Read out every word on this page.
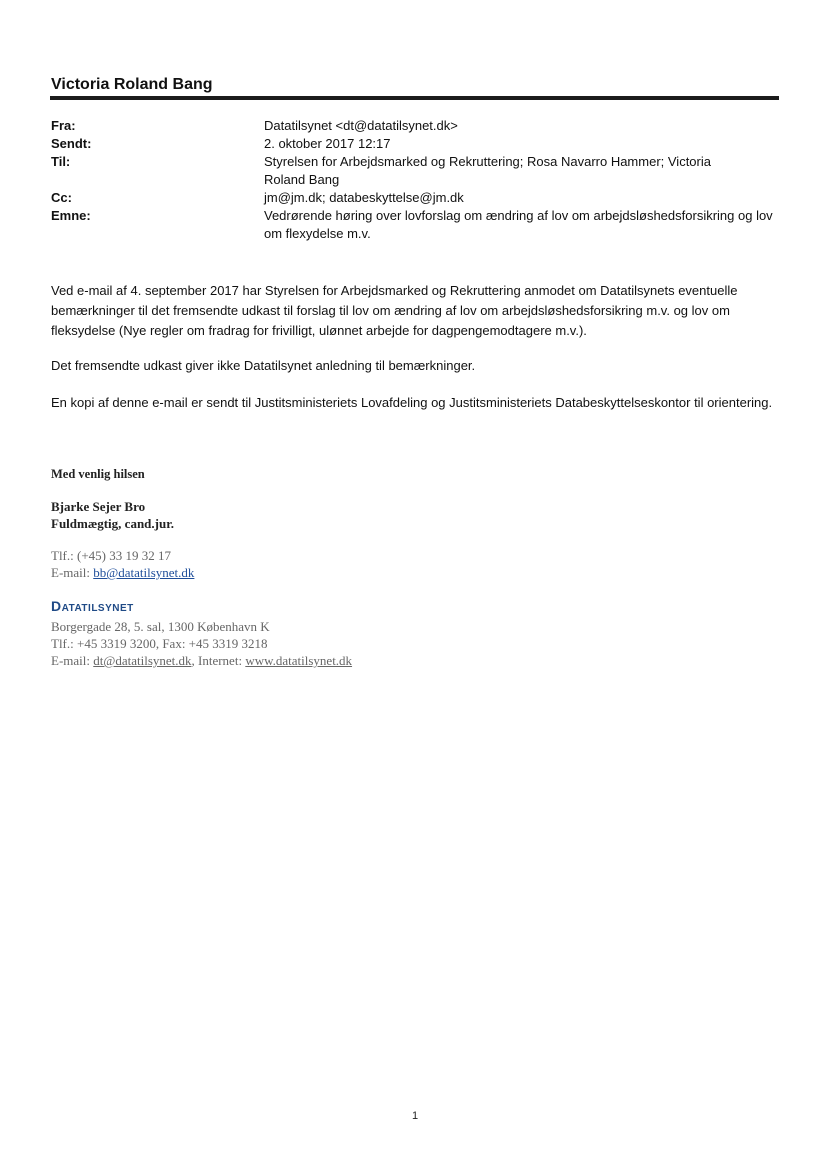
Victoria Roland Bang
Fra:	Datatilsynet <dt@datatilsynet.dk>
Sendt:	2. oktober 2017 12:17
Til:	Styrelsen for Arbejdsmarked og Rekruttering; Rosa Navarro Hammer; Victoria Roland Bang
Cc:	jm@jm.dk; databeskyttelse@jm.dk
Emne:	Vedrørende høring over lovforslag om ændring af lov om arbejdsløshedsforsikring og lov om flexydelse m.v.
Ved e-mail af 4. september 2017 har Styrelsen for Arbejdsmarked og Rekruttering anmodet om Datatilsynets eventuelle bemærkninger til det fremsendte udkast til forslag til lov om ændring af lov om arbejdsløshedsforsikring m.v. og lov om fleksydelse (Nye regler om fradrag for frivilligt, ulønnet arbejde for dagpengemodtagere m.v.).
Det fremsendte udkast giver ikke Datatilsynet anledning til bemærkninger.
En kopi af denne e-mail er sendt til Justitsministeriets Lovafdeling og Justitsministeriets Databeskyttelseskontor til orientering.
Med venlig hilsen
Bjarke Sejer Bro
Fuldmægtig, cand.jur.
Tlf.: (+45) 33 19 32 17
E-mail: bb@datatilsynet.dk
Datatilsynet
Borgergade 28, 5. sal, 1300 København K
Tlf.: +45 3319 3200, Fax: +45 3319 3218
E-mail: dt@datatilsynet.dk, Internet: www.datatilsynet.dk
1
